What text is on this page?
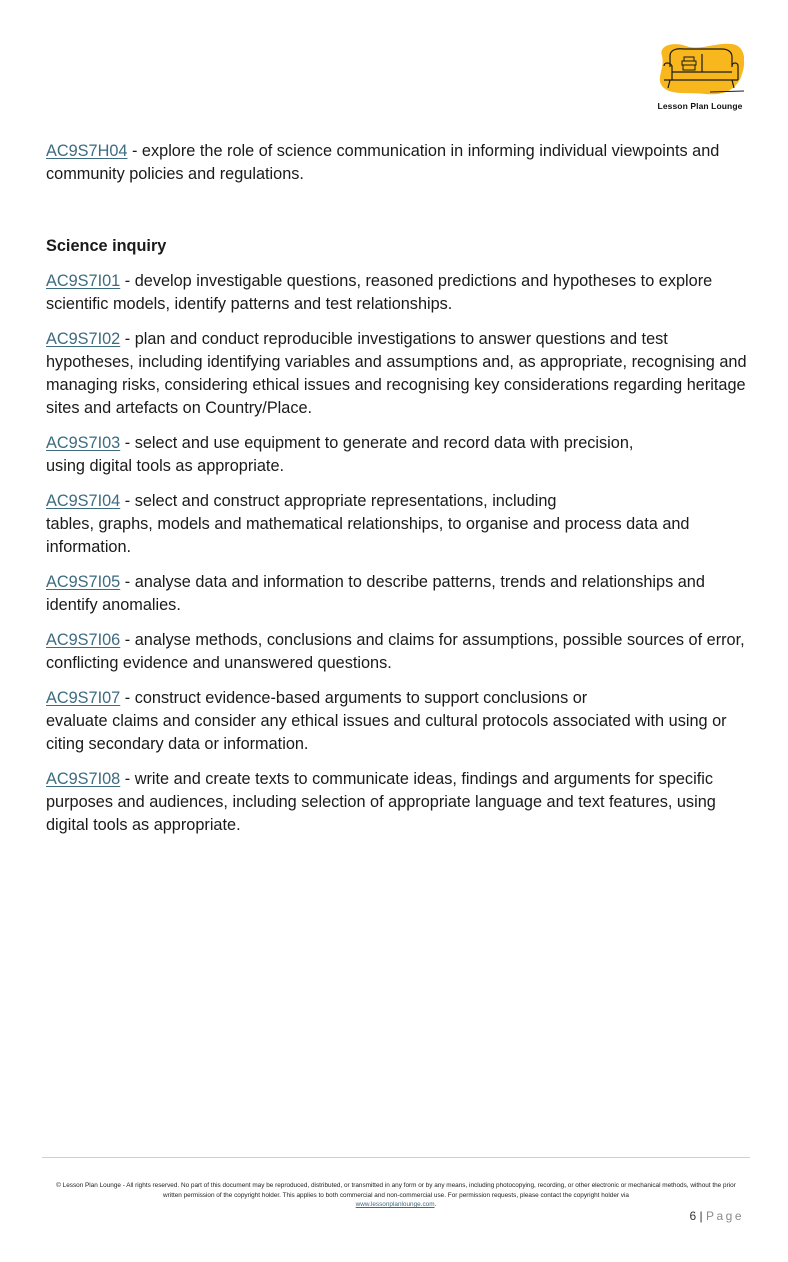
Lesson Plan Lounge

AC9S7H04 - explore the role of science communication in informing individual viewpoints and community policies and regulations.

Science inquiry

AC9S7I01 - develop investigable questions, reasoned predictions and hypotheses to explore scientific models, identify patterns and test relationships.

AC9S7I02 - plan and conduct reproducible investigations to answer questions and test hypotheses, including identifying variables and assumptions and, as appropriate, recognising and managing risks, considering ethical issues and recognising key considerations regarding heritage sites and artefacts on Country/Place.

AC9S7I03 - select and use equipment to generate and record data with precision,
using digital tools as appropriate.

AC9S7I04 - select and construct appropriate representations, including
tables, graphs, models and mathematical relationships, to organise and process data and information.

AC9S7I05 - analyse data and information to describe patterns, trends and relationships and identify anomalies.

AC9S7I06 - analyse methods, conclusions and claims for assumptions, possible sources of error, conflicting evidence and unanswered questions.

AC9S7I07 - construct evidence-based arguments to support conclusions or
evaluate claims and consider any ethical issues and cultural protocols associated with using or citing secondary data or information.

AC9S7I08 - write and create texts to communicate ideas, findings and arguments for specific purposes and audiences, including selection of appropriate language and text features, using digital tools as appropriate.

© Lesson Plan Lounge - All rights reserved. No part of this document may be reproduced, distributed, or transmitted in any form or by any means, including photocopying, recording, or other electronic or mechanical methods, without the prior written permission of the copyright holder. This applies to both commercial and non-commercial use. For permission requests, please contact the copyright holder via
www.lessonplanlounge.com.
6 | Page
